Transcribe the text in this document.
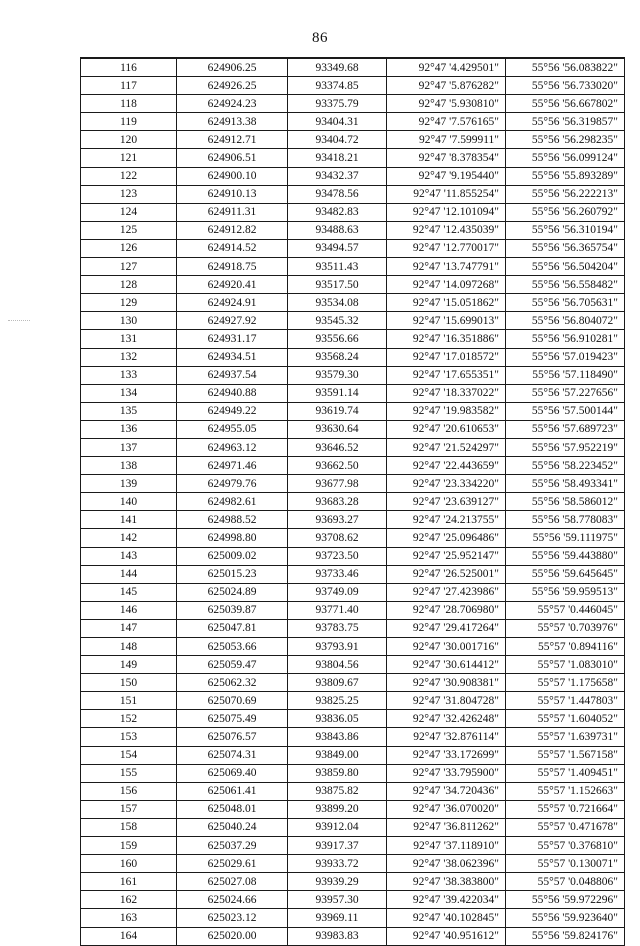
86
116	624906.25	93349.68	92°47 '4.429501"	55°56 '56.083822"
117	624926.25	93374.85	92°47 '5.876282"	55°56 '56.733020"
118	624924.23	93375.79	92°47 '5.930810"	55°56 '56.667802"
119	624913.38	93404.31	92°47 '7.576165"	55°56 '56.319857"
120	624912.71	93404.72	92°47 '7.599911"	55°56 '56.298235"
121	624906.51	93418.21	92°47 '8.378354"	55°56 '56.099124"
122	624900.10	93432.37	92°47 '9.195440"	55°56 '55.893289"
123	624910.13	93478.56	92°47 '11.855254"	55°56 '56.222213"
124	624911.31	93482.83	92°47 '12.101094"	55°56 '56.260792"
125	624912.82	93488.63	92°47 '12.435039"	55°56 '56.310194"
126	624914.52	93494.57	92°47 '12.770017"	55°56 '56.365754"
127	624918.75	93511.43	92°47 '13.747791"	55°56 '56.504204"
128	624920.41	93517.50	92°47 '14.097268"	55°56 '56.558482"
129	624924.91	93534.08	92°47 '15.051862"	55°56 '56.705631"
130	624927.92	93545.32	92°47 '15.699013"	55°56 '56.804072"
131	624931.17	93556.66	92°47 '16.351886"	55°56 '56.910281"
132	624934.51	93568.24	92°47 '17.018572"	55°56 '57.019423"
133	624937.54	93579.30	92°47 '17.655351"	55°56 '57.118490"
134	624940.88	93591.14	92°47 '18.337022"	55°56 '57.227656"
135	624949.22	93619.74	92°47 '19.983582"	55°56 '57.500144"
136	624955.05	93630.64	92°47 '20.610653"	55°56 '57.689723"
137	624963.12	93646.52	92°47 '21.524297"	55°56 '57.952219"
138	624971.46	93662.50	92°47 '22.443659"	55°56 '58.223452"
139	624979.76	93677.98	92°47 '23.334220"	55°56 '58.493341"
140	624982.61	93683.28	92°47 '23.639127"	55°56 '58.586012"
141	624988.52	93693.27	92°47 '24.213755"	55°56 '58.778083"
142	624998.80	93708.62	92°47 '25.096486"	55°56 '59.111975"
143	625009.02	93723.50	92°47 '25.952147"	55°56 '59.443880"
144	625015.23	93733.46	92°47 '26.525001"	55°56 '59.645645"
145	625024.89	93749.09	92°47 '27.423986"	55°56 '59.959513"
146	625039.87	93771.40	92°47 '28.706980"	55°57 '0.446045"
147	625047.81	93783.75	92°47 '29.417264"	55°57 '0.703976"
148	625053.66	93793.91	92°47 '30.001716"	55°57 '0.894116"
149	625059.47	93804.56	92°47 '30.614412"	55°57 '1.083010"
150	625062.32	93809.67	92°47 '30.908381"	55°57 '1.175658"
151	625070.69	93825.25	92°47 '31.804728"	55°57 '1.447803"
152	625075.49	93836.05	92°47 '32.426248"	55°57 '1.604052"
153	625076.57	93843.86	92°47 '32.876114"	55°57 '1.639731"
154	625074.31	93849.00	92°47 '33.172699"	55°57 '1.567158"
155	625069.40	93859.80	92°47 '33.795900"	55°57 '1.409451"
156	625061.41	93875.82	92°47 '34.720436"	55°57 '1.152663"
157	625048.01	93899.20	92°47 '36.070020"	55°57 '0.721664"
158	625040.24	93912.04	92°47 '36.811262"	55°57 '0.471678"
159	625037.29	93917.37	92°47 '37.118910"	55°57 '0.376810"
160	625029.61	93933.72	92°47 '38.062396"	55°57 '0.130071"
161	625027.08	93939.29	92°47 '38.383800"	55°57 '0.048806"
162	625024.66	93957.30	92°47 '39.422034"	55°56 '59.972296"
163	625023.12	93969.11	92°47 '40.102845"	55°56 '59.923640"
164	625020.00	93983.83	92°47 '40.951612"	55°56 '59.824176"
